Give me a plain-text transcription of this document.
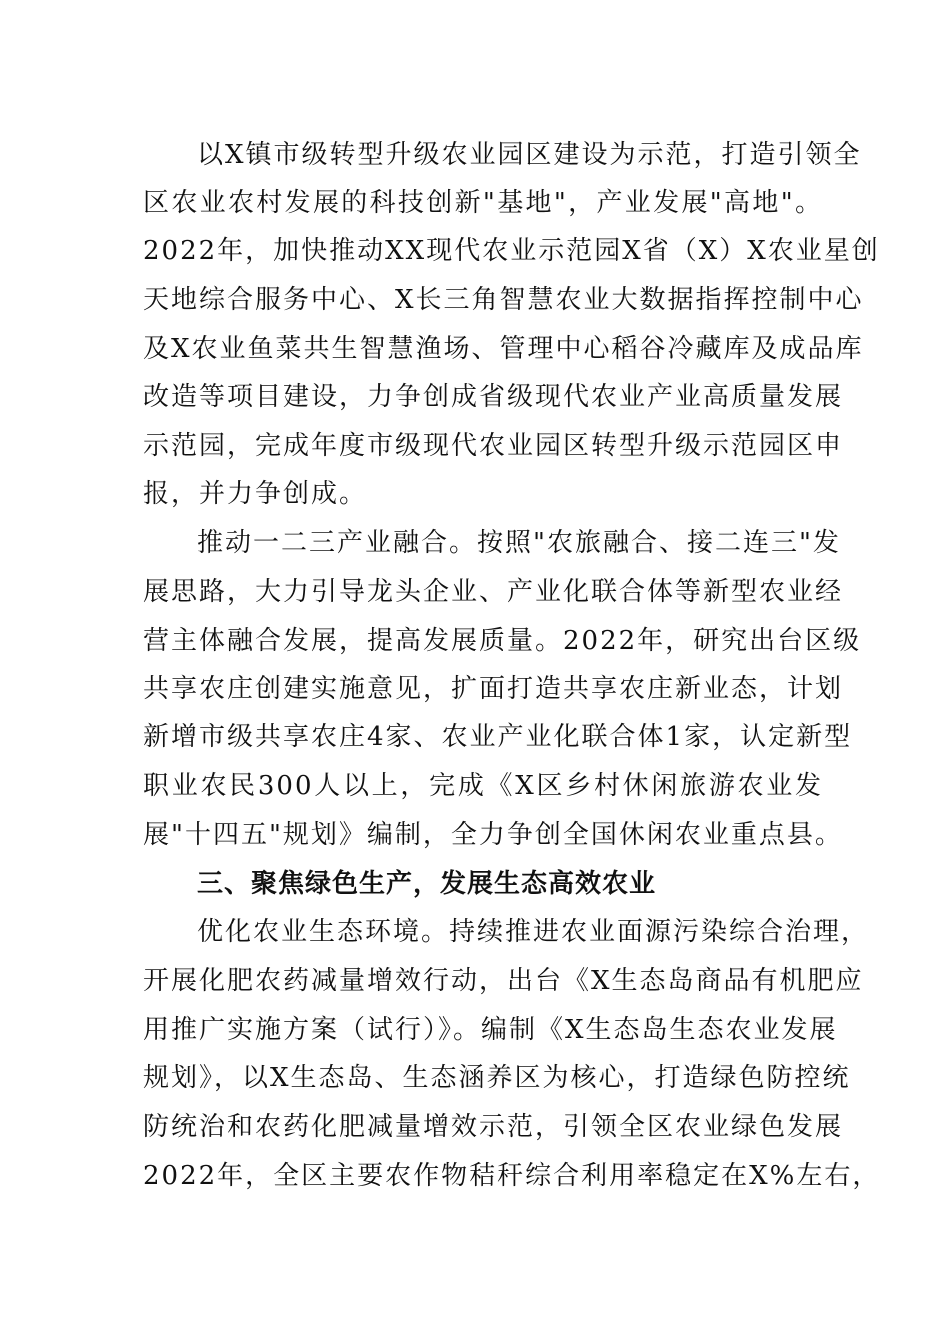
以X镇市级转型升级农业园区建设为示范，打造引领全
区农业农村发展的科技创新"基地"，产业发展"高地"。
2022年，加快推动XX现代农业示范园X省（X）X农业星创
天地综合服务中心、X长三角智慧农业大数据指挥控制中心
及X农业鱼菜共生智慧渔场、管理中心稻谷冷藏库及成品库
改造等项目建设，力争创成省级现代农业产业高质量发展
示范园，完成年度市级现代农业园区转型升级示范园区申
报，并力争创成。
推动一二三产业融合。按照"农旅融合、接二连三"发
展思路，大力引导龙头企业、产业化联合体等新型农业经
营主体融合发展，提高发展质量。2022年，研究出台区级
共享农庄创建实施意见，扩面打造共享农庄新业态，计划
新增市级共享农庄4家、农业产业化联合体1家，认定新型
职业农民300人以上，完成《X区乡村休闲旅游农业发
展"十四五"规划》编制，全力争创全国休闲农业重点县。
三、聚焦绿色生产，发展生态高效农业
优化农业生态环境。持续推进农业面源污染综合治理，
开展化肥农药减量增效行动，出台《X生态岛商品有机肥应
用推广实施方案（试行）》。编制《X生态岛生态农业发展
规划》，以X生态岛、生态涵养区为核心，打造绿色防控统
防统治和农药化肥减量增效示范，引领全区农业绿色发展
2022年，全区主要农作物秸秆综合利用率稳定在X%左右，
